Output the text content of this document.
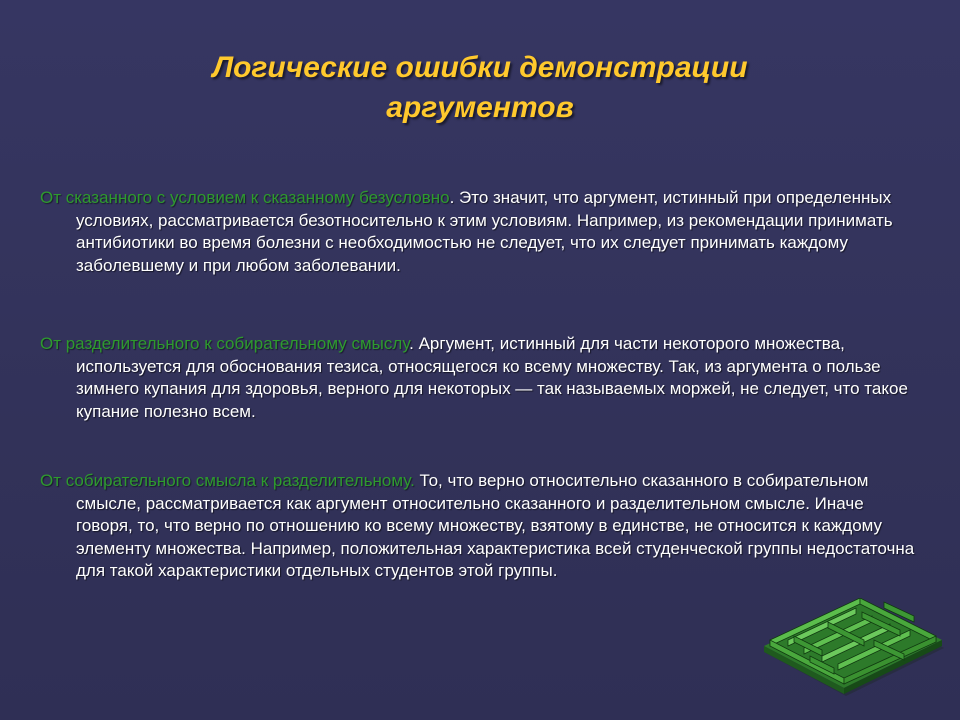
Логические ошибки демонстрации аргументов
От сказанного с условием к сказанному безусловно. Это значит, что аргумент, истинный при определенных условиях, рассматривается безотносительно к этим условиям. Например, из рекомендации принимать антибиотики во время болезни с необходимостью не следует, что их следует принимать каждому заболевшему и при любом заболевании.
От разделительного к собирательному смыслу. Аргумент, истинный для части некоторого множества, используется для обоснования тезиса, относящегося ко всему множеству. Так, из аргумента о пользе зимнего купания для здоровья, верного для некоторых — так называемых моржей, не следует, что такое купание полезно всем.
От собирательного смысла к разделительному. То, что верно относительно сказанного в собирательном смысле, рассматривается как аргумент относительно сказанного и разделительном смысле. Иначе говоря, то, что верно по отношению ко всему множеству, взятому в единстве, не относится к каждому элементу множества. Например, положительная характеристика всей студенческой группы недостаточна для такой характеристики отдельных студентов этой группы.
